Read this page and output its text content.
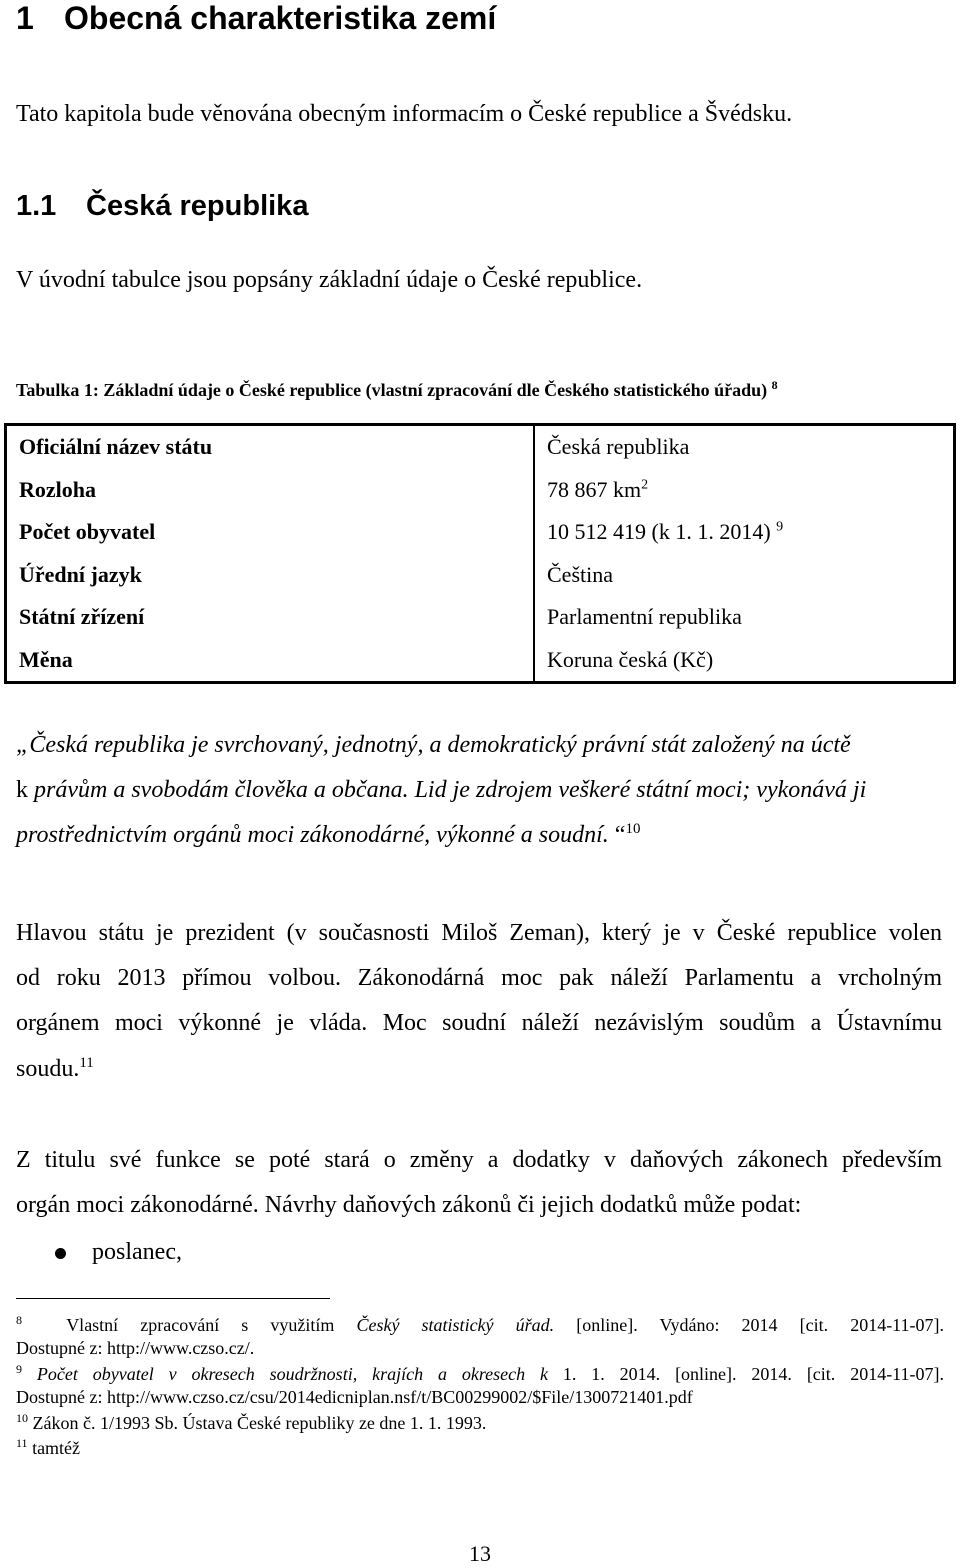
1 Obecná charakteristika zemí
Tato kapitola bude věnována obecným informacím o České republice a Švédsku.
1.1 Česká republika
V úvodní tabulce jsou popsány základní údaje o České republice.
Tabulka 1: Základní údaje o České republice (vlastní zpracování dle Českého statistického úřadu) $^8$
Oficiální název státu	Česká republika
Rozloha	78 867 $km^2$
Počet obyvatel	10 512 419 (k 1. 1. 2014) $^9$
Úřední jazyk	Čeština
Státní zřízení	Parlamentní republika
Měna	Koruna česká (Kč)
„Česká republika je svrchovaný, jednotný, a demokratický právní stát založený na úctě
k právům a svobodám člověka a občana. Lid je zdrojem veškeré státní moci; vykonává ji
prostřednictvím orgánů moci zákonodárné, výkonné a soudní. “$^{10}$
Hlavou státu je prezident (v současnosti Miloš Zeman), který je v České republice volen
od roku 2013 přímou volbou. Zákonodárná moc pak náleží Parlamentu a vrcholným
orgánem moci výkonné je vláda. Moc soudní náleží nezávislým soudům a Ústavnímu
soudu.$^{11}$
Z titulu své funkce se poté stará o změny a dodatky v daňových zákonech především
orgán moci zákonodárné. Návrhy daňových zákonů či jejich dodatků může podat:
poslanec,
$^8$ Vlastní zpracování s využitím Český statistický úřad. [online]. Vydáno: 2014 [cit. 2014-11-07].
Dostupné z: http://www.czso.cz/.
$^9$ Počet obyvatel v okresech soudržnosti, krajích a okresech k 1. 1. 2014. [online]. 2014. [cit. 2014-11-07].
Dostupné z: http://www.czso.cz/csu/2014edicniplan.nsf/t/BC00299002/$File/1300721401.pdf
$^{10}$ Zákon č. 1/1993 Sb. Ústava České republiky ze dne 1. 1. 1993.
$^{11}$ tamtéž
13
